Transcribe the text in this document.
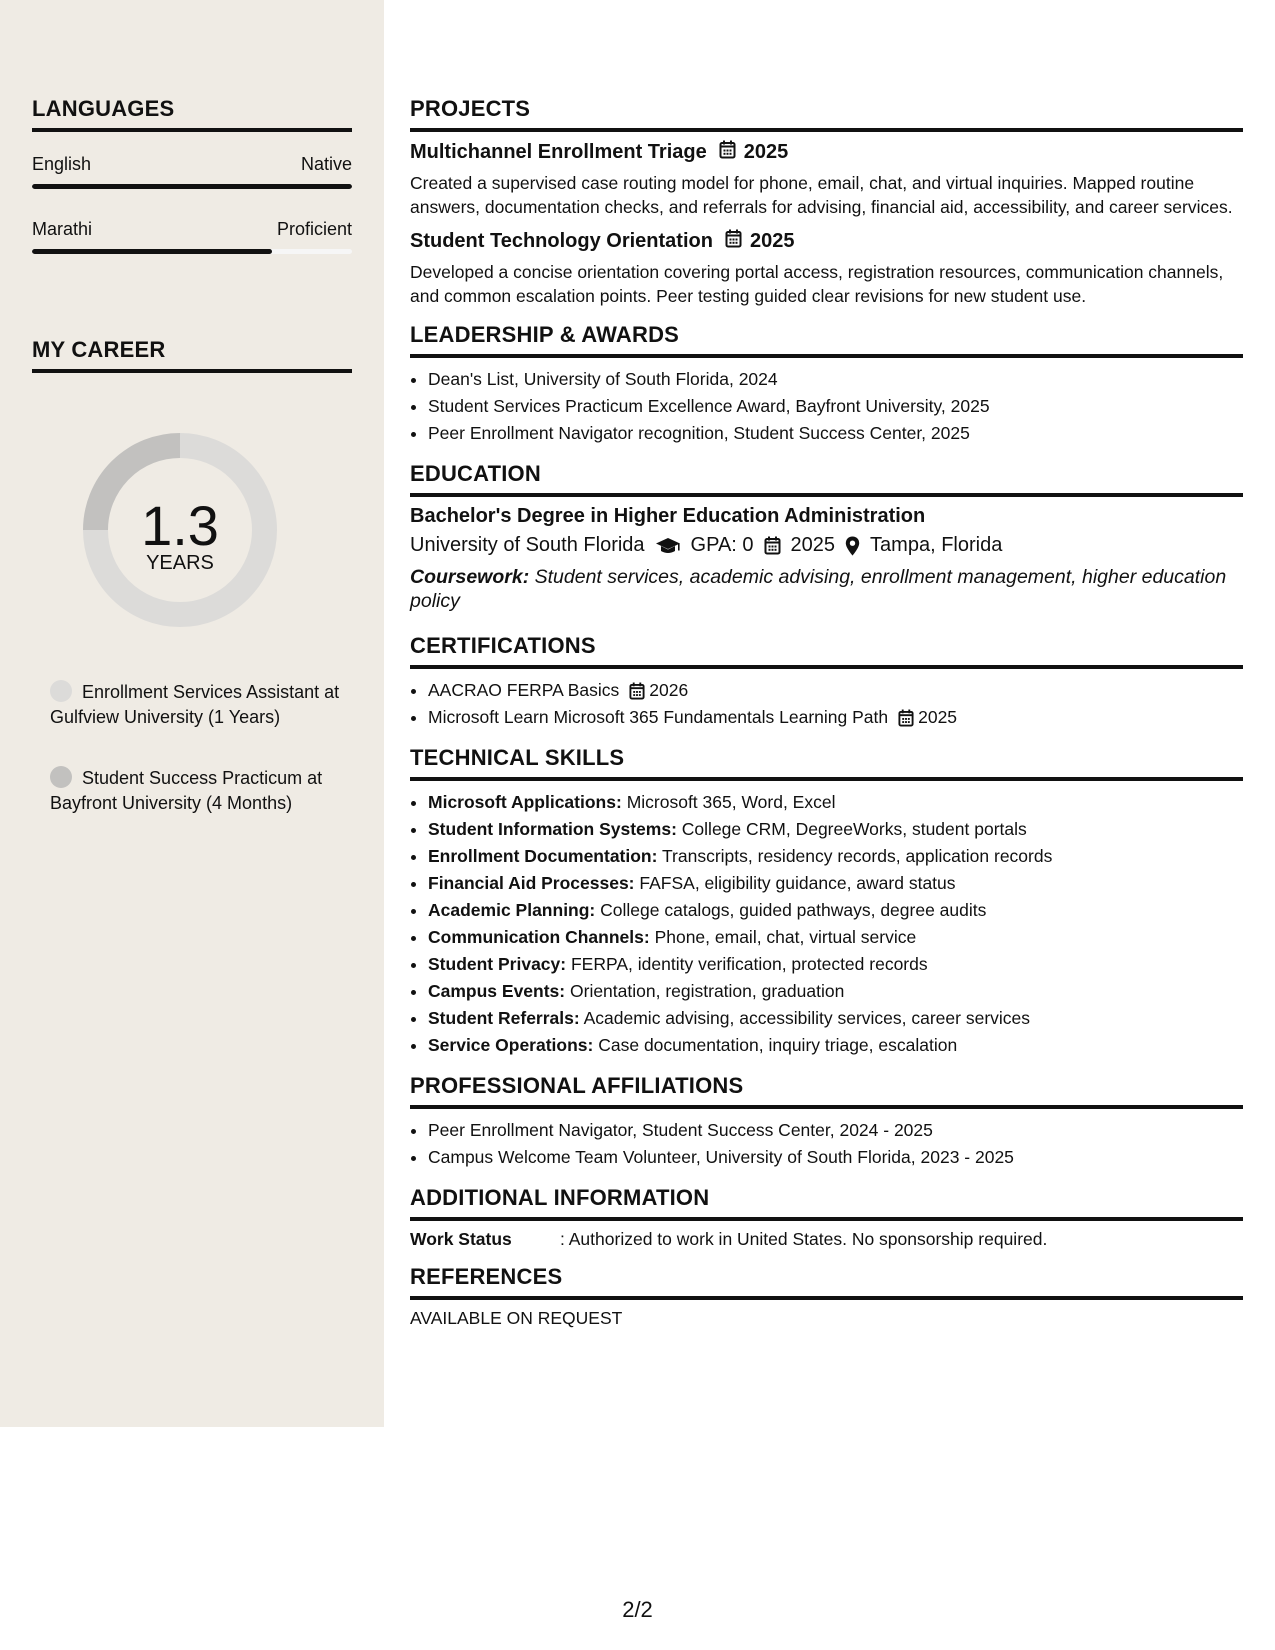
LANGUAGES
English	Native
Marathi	Proficient
MY CAREER
1.3
YEARS
Enrollment Services Assistant at Gulfview University (1 Years)
Student Success Practicum at Bayfront University (4 Months)
PROJECTS
Multichannel Enrollment Triage 2025
Created a supervised case routing model for phone, email, chat, and virtual inquiries. Mapped routine answers, documentation checks, and referrals for advising, financial aid, accessibility, and career services.
Student Technology Orientation 2025
Developed a concise orientation covering portal access, registration resources, communication channels, and common escalation points. Peer testing guided clear revisions for new student use.
LEADERSHIP & AWARDS
• Dean's List, University of South Florida, 2024
• Student Services Practicum Excellence Award, Bayfront University, 2025
• Peer Enrollment Navigator recognition, Student Success Center, 2025
EDUCATION
Bachelor's Degree in Higher Education Administration
University of South Florida GPA: 0 2025 Tampa, Florida
Coursework: Student services, academic advising, enrollment management, higher education policy
CERTIFICATIONS
• AACRAO FERPA Basics 2026
• Microsoft Learn Microsoft 365 Fundamentals Learning Path 2025
TECHNICAL SKILLS
• Microsoft Applications: Microsoft 365, Word, Excel
• Student Information Systems: College CRM, DegreeWorks, student portals
• Enrollment Documentation: Transcripts, residency records, application records
• Financial Aid Processes: FAFSA, eligibility guidance, award status
• Academic Planning: College catalogs, guided pathways, degree audits
• Communication Channels: Phone, email, chat, virtual service
• Student Privacy: FERPA, identity verification, protected records
• Campus Events: Orientation, registration, graduation
• Student Referrals: Academic advising, accessibility services, career services
• Service Operations: Case documentation, inquiry triage, escalation
PROFESSIONAL AFFILIATIONS
• Peer Enrollment Navigator, Student Success Center, 2024 - 2025
• Campus Welcome Team Volunteer, University of South Florida, 2023 - 2025
ADDITIONAL INFORMATION
Work Status	: Authorized to work in United States. No sponsorship required.
REFERENCES
AVAILABLE ON REQUEST
2/2
